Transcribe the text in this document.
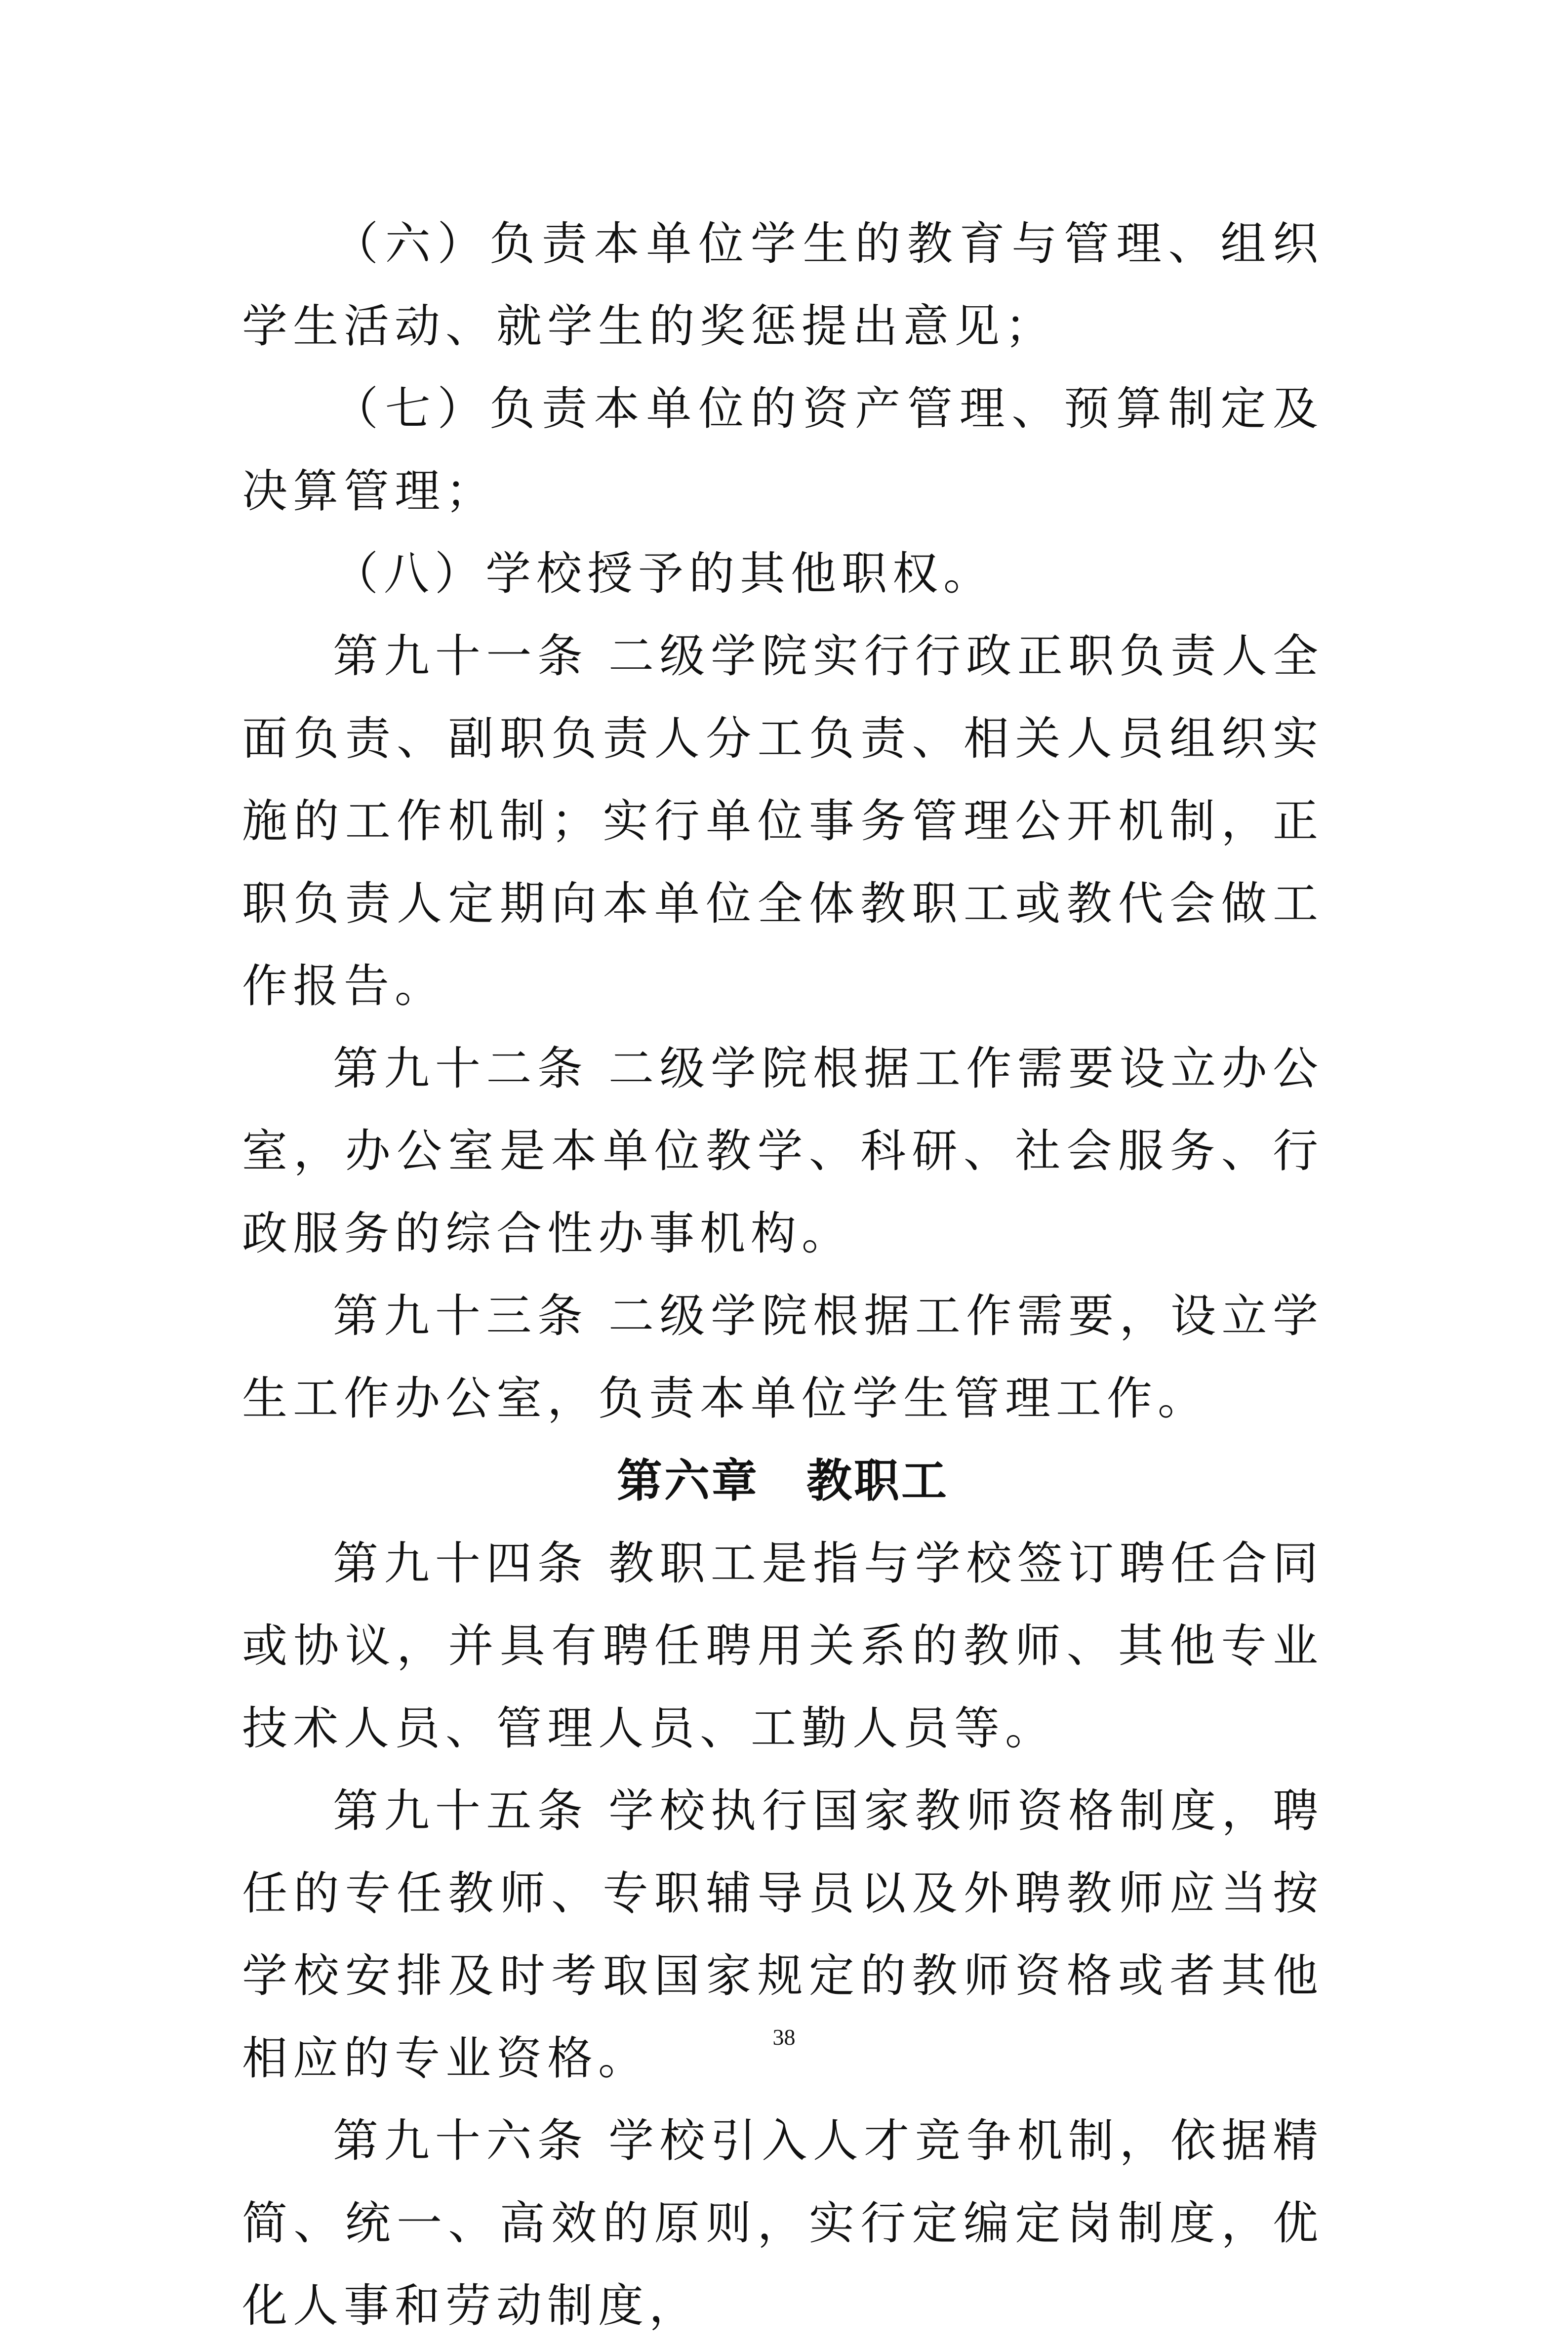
（六）负责本单位学生的教育与管理、组织学生活动、就学生的奖惩提出意见；

（七）负责本单位的资产管理、预算制定及决算管理；

（八）学校授予的其他职权。

第九十一条 二级学院实行行政正职负责人全面负责、副职负责人分工负责、相关人员组织实施的工作机制；实行单位事务管理公开机制，正职负责人定期向本单位全体教职工或教代会做工作报告。

第九十二条 二级学院根据工作需要设立办公室，办公室是本单位教学、科研、社会服务、行政服务的综合性办事机构。

第九十三条 二级学院根据工作需要，设立学生工作办公室，负责本单位学生管理工作。

第六章　教职工

第九十四条 教职工是指与学校签订聘任合同或协议，并具有聘任聘用关系的教师、其他专业技术人员、管理人员、工勤人员等。

第九十五条 学校执行国家教师资格制度，聘任的专任教师、专职辅导员以及外聘教师应当按学校安排及时考取国家规定的教师资格或者其他相应的专业资格。

第九十六条 学校引入人才竞争机制，依据精简、统一、高效的原则，实行定编定岗制度，优化人事和劳动制度，

38
